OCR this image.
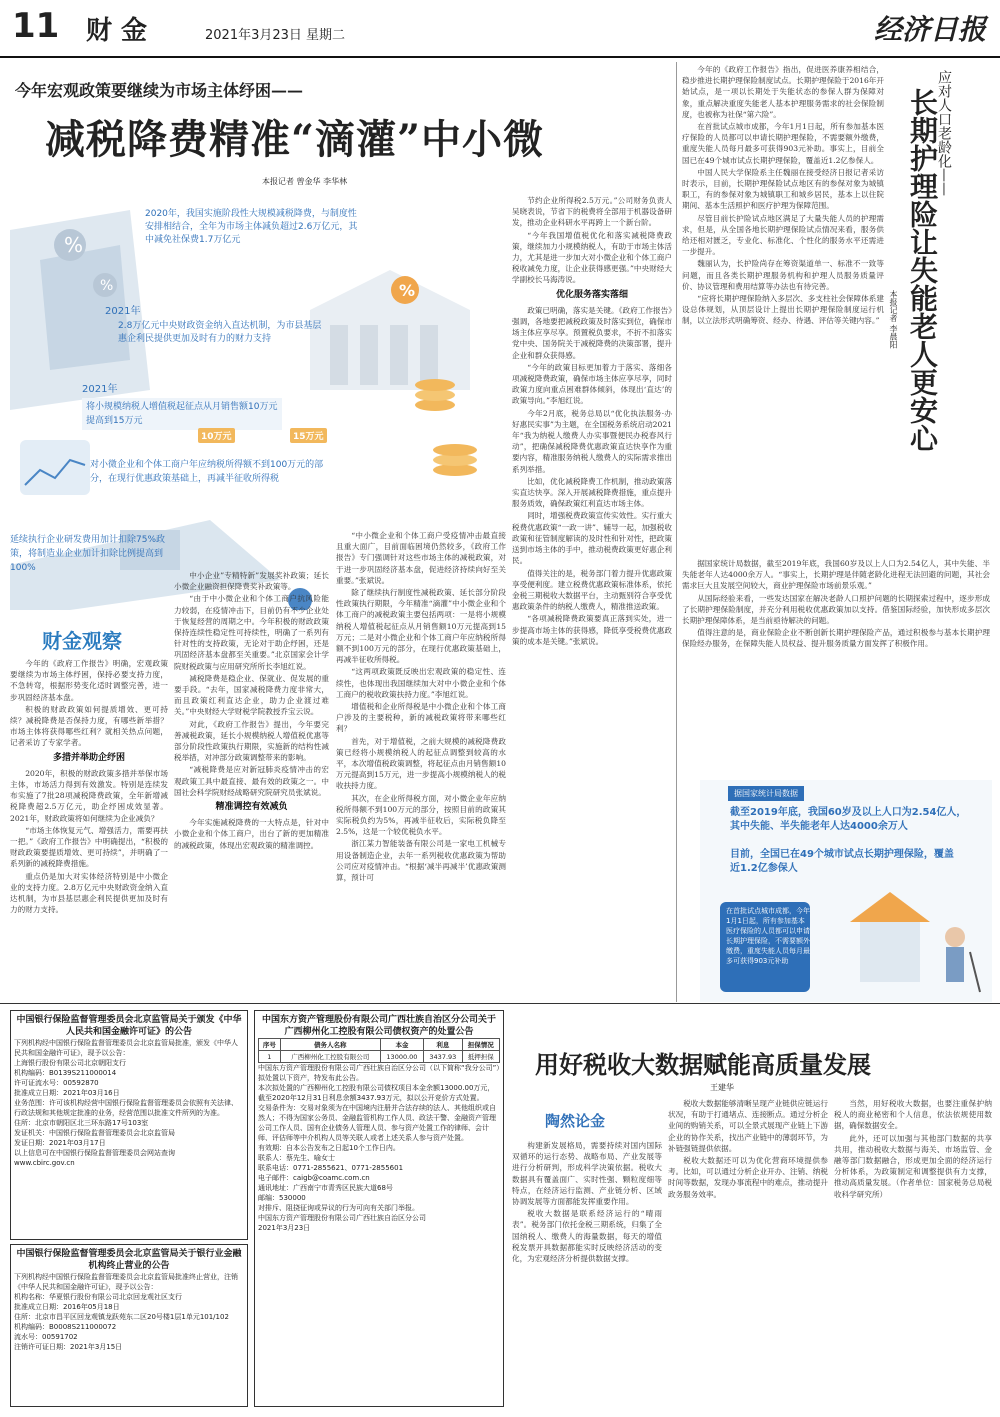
11 财 金	2021年3月23日 星期二	经济日报
今年宏观政策要继续为市场主体纾困——
减税降费精准“滴灌”中小微
本报记者 曾金华 李华林
%
%	%
2020年，我国实施阶段性大规模减税降费，与制度性安排相结合，全年为市场主体减负超过2.6万亿元，其中减免社保费1.7万亿元
2021年
2.8万亿元中央财政资金纳入直达机制，为市县基层惠企利民提供更加及时有力的财力支持
2021年
将小规模纳税人增值税起征点从月销售额10万元提高到15万元
10万元	15万元
对小微企业和个体工商户年应纳税所得额不到100万元的部分，在现行优惠政策基础上，再减半征收所得税
延续执行企业研发费用加计扣除75%政策，将制造业企业加计扣除比例提高到100%
财金观察

今年的《政府工作报告》明确，宏观政策要继续为市场主体纾困，保持必要支持力度，不急转弯，根据形势变化适时调整完善，进一步巩固经济基本盘。

积极的财政政策如何提质增效、更可持续？减税降费是否保持力度，有哪些新举措？市场主体将获得哪些红利？就相关热点问题，记者采访了专家学者。

多措并举助企纾困

2020年，积极的财政政策多措并举保市场主体，市场活力得到有效激发。特别是连续发布实施了7批28项减税降费政策，全年新增减税降费超2.5万亿元，助企纾困成效显著。2021年，财政政策将如何继续为企业减负？

“市场主体恢复元气、增强活力，需要再扶一把。”《政府工作报告》中明确提出，“积极的财政政策要提质增效、更可持续”，并明确了一系列新的减税降费措施。

重点仍是加大对实体经济特别是中小微企业的支持力度。2.8万亿元中央财政资金纳入直达机制，为市县基层惠企利民提供更加及时有力的财力支持。

中小企业”专精特新”发展奖补政策；延长小微企业融资担保降费奖补政策等。

“由于中小微企业和个体工商户抗风险能力较弱，在疫情冲击下，目前仍有不少企业处于恢复经营的周期之中。今年积极的财政政策保持连续性稳定性可持续性，明确了一系列有针对性的支持政策，无论对于助企纾困，还是巩固经济基本盘都至关重要。”北京国家会计学院财税政策与应用研究所所长李旭红说。

减税降费是稳企业、保就业、促发展的重要手段。“去年，国家减税降费力度非常大，而且政策红利直达企业，助力企业渡过难关。”中央财经大学财税学院教授乔宝云说。

对此，《政府工作报告》提出，今年要完善减税政策，延长小规模纳税人增值税优惠等部分阶段性政策执行期限，实施新的结构性减税举措，对冲部分政策调整带来的影响。

“减税降费是应对新冠肺炎疫情冲击的宏观政策工具中最直接、最有效的政策之一。中国社会科学院财经战略研究院研究员张斌说。

精准调控有效减负

今年实施减税降费的一大特点是，针对中小微企业和个体工商户，出台了新的更加精准的减税政策，体现出宏观政策的精准调控。

“中小微企业和个体工商户受疫情冲击最直接且重大面广，目前面临困境仍然较多，《政府工作报告》专门强调针对这些市场主体的减税政策，对于进一步巩固经济基本盘，促进经济持续向好至关重要。”张斌说。

除了继续执行制度性减税政策、延长部分阶段性政策执行期限，今年精准“滴灌”中小微企业和个体工商户的减税政策主要包括两项：一是将小规模纳税人增值税起征点从月销售额10万元提高到15万元；二是对小微企业和个体工商户年应纳税所得额不到100万元的部分，在现行优惠政策基础上，再减半征收所得税。

“这两项政策既反映出宏观政策的稳定性、连续性，也体现出我国继续加大对中小微企业和个体工商户的税收政策扶持力度。”李旭红说。

增值税和企业所得税是中小微企业和个体工商户涉及的主要税种，新的减税政策将带来哪些红利？

首先，对于增值税，之前大规模的减税降费政策已经将小规模纳税人的起征点调整到较高的水平，本次增值税政策调整，将起征点由月销售额10万元提高到15万元，进一步提高小规模纳税人的税收扶持力度。

其次，在企业所得税方面，对小微企业年应纳税所得额不到100万元的部分，按照目前的政策其实际税负约为5%，再减半征收后，实际税负降至2.5%，这是一个较优税负水平。

浙江某力智能装备有限公司是一家电工机械专用设备制造企业，去年一系列税收优惠政策为帮助公司应对疫情冲击。“根据‘减半再减半’优惠政策测算，预计可

节约企业所得税2.5万元。”公司财务负责人吴晓表说，节省下的税费将全部用于机器设备研发，推动企业科研水平再跨上一个新台阶。

“今年我国增值税优化和落实减税降费政策，继续加力小规模纳税人，有助于市场主体活力，尤其是进一步加大对小微企业和个体工商户税收减免力度，让企业获得感更强。”中央财经大学副校长马海涛说。

优化服务落实落细

政策已明确，落实是关键。《政府工作报告》强调，各地要把减税政策及时落实到位，确保市场主体应享尽享。预置税负要求，不折不扣落实党中央、国务院关于减税降费的决策部署，提升企业和群众获得感。

“今年的政策目标更加着力于落实、落细各项减税降费政策，确保市场主体应享尽享，同时政策力度向重点困难群体倾斜，体现出‘直达’的政策导向。”李旭红说。

今年2月底，税务总局以“优化执法服务·办好惠民实事”为主题，在全国税务系统启动2021年“我为纳税人缴费人办实事暨便民办税春风行动”，把确保减税降费优惠政策直达快享作为重要内容，精准服务纳税人缴费人的实际需求推出系列举措。

比如，优化减税降费工作机制，推动政策落实直达快享。深入开展减税降费措施，重点提升服务质效，确保政策红利直达市场主体。

同时，增强税费政策宣传实效性。实行重大税费优惠政策“一政一讲”、辅导一起，加强税收政策和征管制度解读的及时性和针对性，把政策送到市场主体的手中，推动税费政策更好惠企利民。

值得关注的是，税务部门着力提升优惠政策享受便利度。建立税费优惠政策标准体系，依托金税三期税收大数据平台，主动甄别符合享受优惠政策条件的纳税人缴费人，精准推送政策。

“各项减税降费政策要真正落到实处，进一步提高市场主体的获得感，降低享受税费优惠政策的成本是关键。”张斌说。

应对人口老龄化——
长期护理险让失能老人更安心
本报记者 李晨阳

今年的《政府工作报告》指出，促进医养康养相结合，稳步推进长期护理保险制度试点。长期护理保险于2016年开始试点，是一项以长期处于失能状态的参保人群为保障对象，重点解决重度失能老人基本护理服务需求的社会保险制度，也被称为社保“第六险”。

在首批试点城市成都，今年1月1日起，所有参加基本医疗保险的人员都可以申请长期护理保险，不需要额外缴费，重度失能人员每月最多可获得903元补助。事实上，目前全国已在49个城市试点长期护理保险，覆盖近1.2亿参保人。

中国人民大学保险系主任魏丽在接受经济日报记者采访时表示，目前，长期护理保险试点地区有的参保对象为城镇职工，有的参保对象为城镇职工和城乡居民，基本上以住院期间、基本生活照护和医疗护理为保障范围。

尽管目前长护险试点地区满足了大量失能人员的护理需求，但是，从全国各地长期护理保险试点情况来看，服务供给还相对匮乏，专业化、标准化、个性化的服务水平还需进一步提升。

魏丽认为，长护险尚存在筹资渠道单一、标准不一致等问题，而且各类长期护理服务机构和护理人员服务质量评价、协议管理和费用结算等办法也有待完善。

“应将长期护理保险纳入多层次、多支柱社会保障体系建设总体规划，从顶层设计上提出长期护理保险制度运行机制，以立法形式明确筹资、经办、待遇、评估等关键内容。”

据国家统计局数据，截至2019年底，我国60岁及以上人口为2.54亿人，其中失能、半失能老年人达4000余万人。“事实上，长期护理是伴随老龄化进程无法回避的问题，其社会需求巨大且发展空间较大，商业护理保险市场前景乐观。”

从国际经验来看，一些发达国家在解决老龄人口照护问题的长期探索过程中，逐步形成了长期护理保险制度，并充分利用税收优惠政策加以支持。借鉴国际经验，加快形成多层次长期护理保障体系，是当前亟待解决的问题。

值得注意的是，商业保险企业不断创新长期护理保险产品，通过积极参与基本长期护理保险经办服务，在保障失能人员权益、提升服务质量方面发挥了积极作用。

据国家统计局数据
截至2019年底，我国60岁及以上人口为2.54亿人，其中失能、半失能老年人达4000余万人
目前，全国已在49个城市试点长期护理保险，覆盖近1.2亿参保人
在首批试点城市成都，今年1月1日起，所有参加基本医疗保险的人员都可以申请长期护理保险，不需要额外缴费，重度失能人员每月最多可获得903元补助
中国银行保险监督管理委员会北京监管局关于颁发《中华人民共和国金融许可证》的公告
下列机构经中国银行保险监督管理委员会北京监管局批准，颁发《中华人民共和国金融许可证》，现予以公告：
上海银行股份有限公司北京朝阳支行
机构编码：B0139S211000014
许可证流水号：00592870
批准成立日期：2021年03月16日
业务范围：许可该机构经营中国银行保险监督管理委员会依照有关法律、行政法规和其他规定批准的业务，经营范围以批准文件所列的为准。
住所：北京市朝阳区北三环东路17号103室
发证机关：中国银行保险监督管理委员会北京监管局
发证日期：2021年03月17日
以上信息可在中国银行保险监督管理委员会网站查询
www.cbirc.gov.cn
中国银行保险监督管理委员会北京监管局关于银行业金融机构终止营业的公告
下列机构经中国银行保险监督管理委员会北京监管局批准终止营业，注销《中华人民共和国金融许可证》，现予以公告：
机构名称：华夏银行股份有限公司北京回龙观社区支行
批准成立日期：2016年05月18日
住所：北京市昌平区回龙观镇龙跃苑东二区20号楼1层1单元101/102
机构编码：B0008S211000072
流水号：00591702
注销许可证日期：2021年3月15日
中国东方资产管理股份有限公司广西壮族自治区分公司关于广西柳州化工控股有限公司债权资产的处置公告
序号	债务人名称	本金	利息	担保情况
1	广西柳州化工控股有限公司	13000.00	3437.93	抵押担保
中国东方资产管理股份有限公司广西壮族自治区分公司（以下简称“我分公司”）拟处置以下资产，特发布此公告。
本次拟处置的广西柳州化工控股有限公司债权项目本金余额13000.00万元，截至2020年12月31日利息余额3437.93万元，拟以公开竞价方式处置。
交易条件为：交易对象须为在中国境内注册并合法存续的法人、其他组织或自然人；不得为国家公务员、金融监管机构工作人员、政法干警、金融资产管理公司工作人员、国有企业债务人管理人员、参与资产处置工作的律师、会计师、评估师等中介机构人员等关联人或者上述关系人参与资产处置。
有效期：自本公告发布之日起10个工作日内。
联系人：蔡先生、喻女士
联系电话：0771-2855621、0771-2855601
电子邮件：caigb@coamc.com.cn
通讯地址：广西南宁市青秀区民族大道68号
邮编：530000
对排斥、阻挠征询或异议的行为可向有关部门举报。
中国东方资产管理股份有限公司广西壮族自治区分公司
2021年3月23日
用好税收大数据赋能高质量发展
王建华
陶然论金

构建新发展格局，需要持续对国内国际双循环的运行态势、战略布局、产业发展等进行分析研判，形成科学决策依据。税收大数据具有覆盖面广、实时性强、颗粒度细等特点，在经济运行监测、产业链分析、区域协调发展等方面都能发挥重要作用。

税收大数据是联系经济运行的“晴雨表”。税务部门依托金税三期系统，归集了全国纳税人、缴费人的海量数据，每天的增值税发票开具数据都能实时反映经济活动的变化，为宏观经济分析提供数据支撑。

税收大数据能够清晰呈现产业链供应链运行状况，有助于打通堵点、连接断点。通过分析企业间的购销关系，可以全景式展现产业链上下游企业的协作关系，找出产业链中的薄弱环节，为补链强链提供依据。

税收大数据还可以为优化营商环境提供参考。比如，可以通过分析企业开办、注销、纳税时间等数据，发现办事流程中的难点，推动提升政务服务效率。

当然，用好税收大数据，也要注重保护纳税人的商业秘密和个人信息，依法依规使用数据，确保数据安全。

此外，还可以加强与其他部门数据的共享共用，推动税收大数据与海关、市场监管、金融等部门数据融合，形成更加全面的经济运行分析体系，为政策制定和调整提供有力支撑，推动高质量发展。（作者单位：国家税务总局税收科学研究所）
